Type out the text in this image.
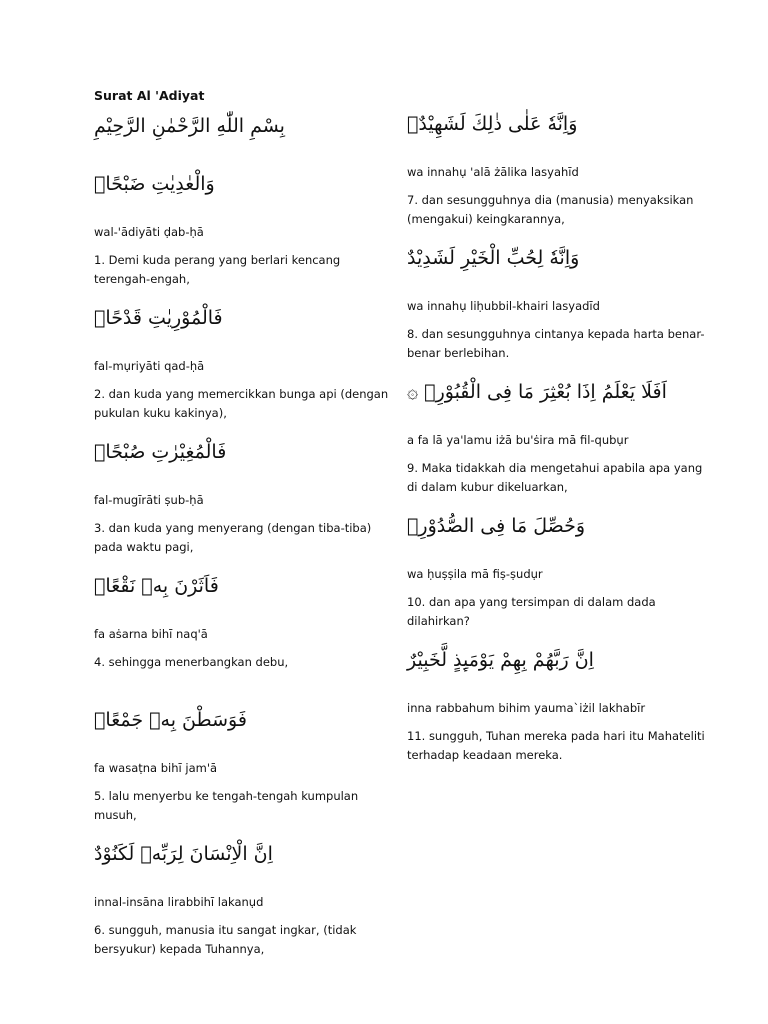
Surat Al 'Adiyat
بِسْمِ اللّٰهِ الرَّحْمٰنِ الرَّحِيْمِ
وَالْعٰدِيٰتِ ضَبْحًاۙ
wal-'ādiyāti ḍab-ḥā
1. Demi kuda perang yang berlari kencang terengah-engah,
فَالْمُوْرِيٰتِ قَدْحًاۙ
fal-mụriyāti qad-ḥā
2. dan kuda yang memercikkan bunga api (dengan pukulan kuku kakinya),
فَالْمُغِيْرٰتِ صُبْحًاۙ
fal-mugīrāti ṣub-ḥā
3. dan kuda yang menyerang (dengan tiba-tiba) pada waktu pagi,
فَاَثَرْنَ بِهٖ نَقْعًاۙ
fa aṡarna bihī naq'ā
4. sehingga menerbangkan debu,
فَوَسَطْنَ بِهٖ جَمْعًاۙ
fa wasaṭna bihī jam'ā
5. lalu menyerbu ke tengah-tengah kumpulan musuh,
اِنَّ الْاِنْسَانَ لِرَبِّهٖ لَكَنُوْدٌ
innal-insāna lirabbihī lakanụd
6. sungguh, manusia itu sangat ingkar, (tidak bersyukur) kepada Tuhannya,
وَاِنَّهٗ عَلٰى ذٰلِكَ لَشَهِيْدٌۚ
wa innahụ 'alā żālika lasyahīd
7. dan sesungguhnya dia (manusia) menyaksikan (mengakui) keingkarannya,
وَاِنَّهٗ لِحُبِّ الْخَيْرِ لَشَدِيْدٌ
wa innahụ liḥubbil-khairi lasyadīd
8. dan sesungguhnya cintanya kepada harta benar-benar berlebihan.
اَفَلَا يَعْلَمُ اِذَا بُعْثِرَ مَا فِى الْقُبُوْرِۙ ۞
a fa lā ya'lamu iżā bu'ṡira mā fil-qubụr
9. Maka tidakkah dia mengetahui apabila apa yang di dalam kubur dikeluarkan,
وَحُصِّلَ مَا فِى الصُّدُوْرِۙ
wa ḥuṣṣila mā fiṣ-ṣudụr
10. dan apa yang tersimpan di dalam dada dilahirkan?
اِنَّ رَبَّهُمْ بِهِمْ يَوْمَىِٕذٍ لَّخَبِيْرٌ
inna rabbahum bihim yauma`iżil lakhabīr
11. sungguh, Tuhan mereka pada hari itu Mahateliti terhadap keadaan mereka.
